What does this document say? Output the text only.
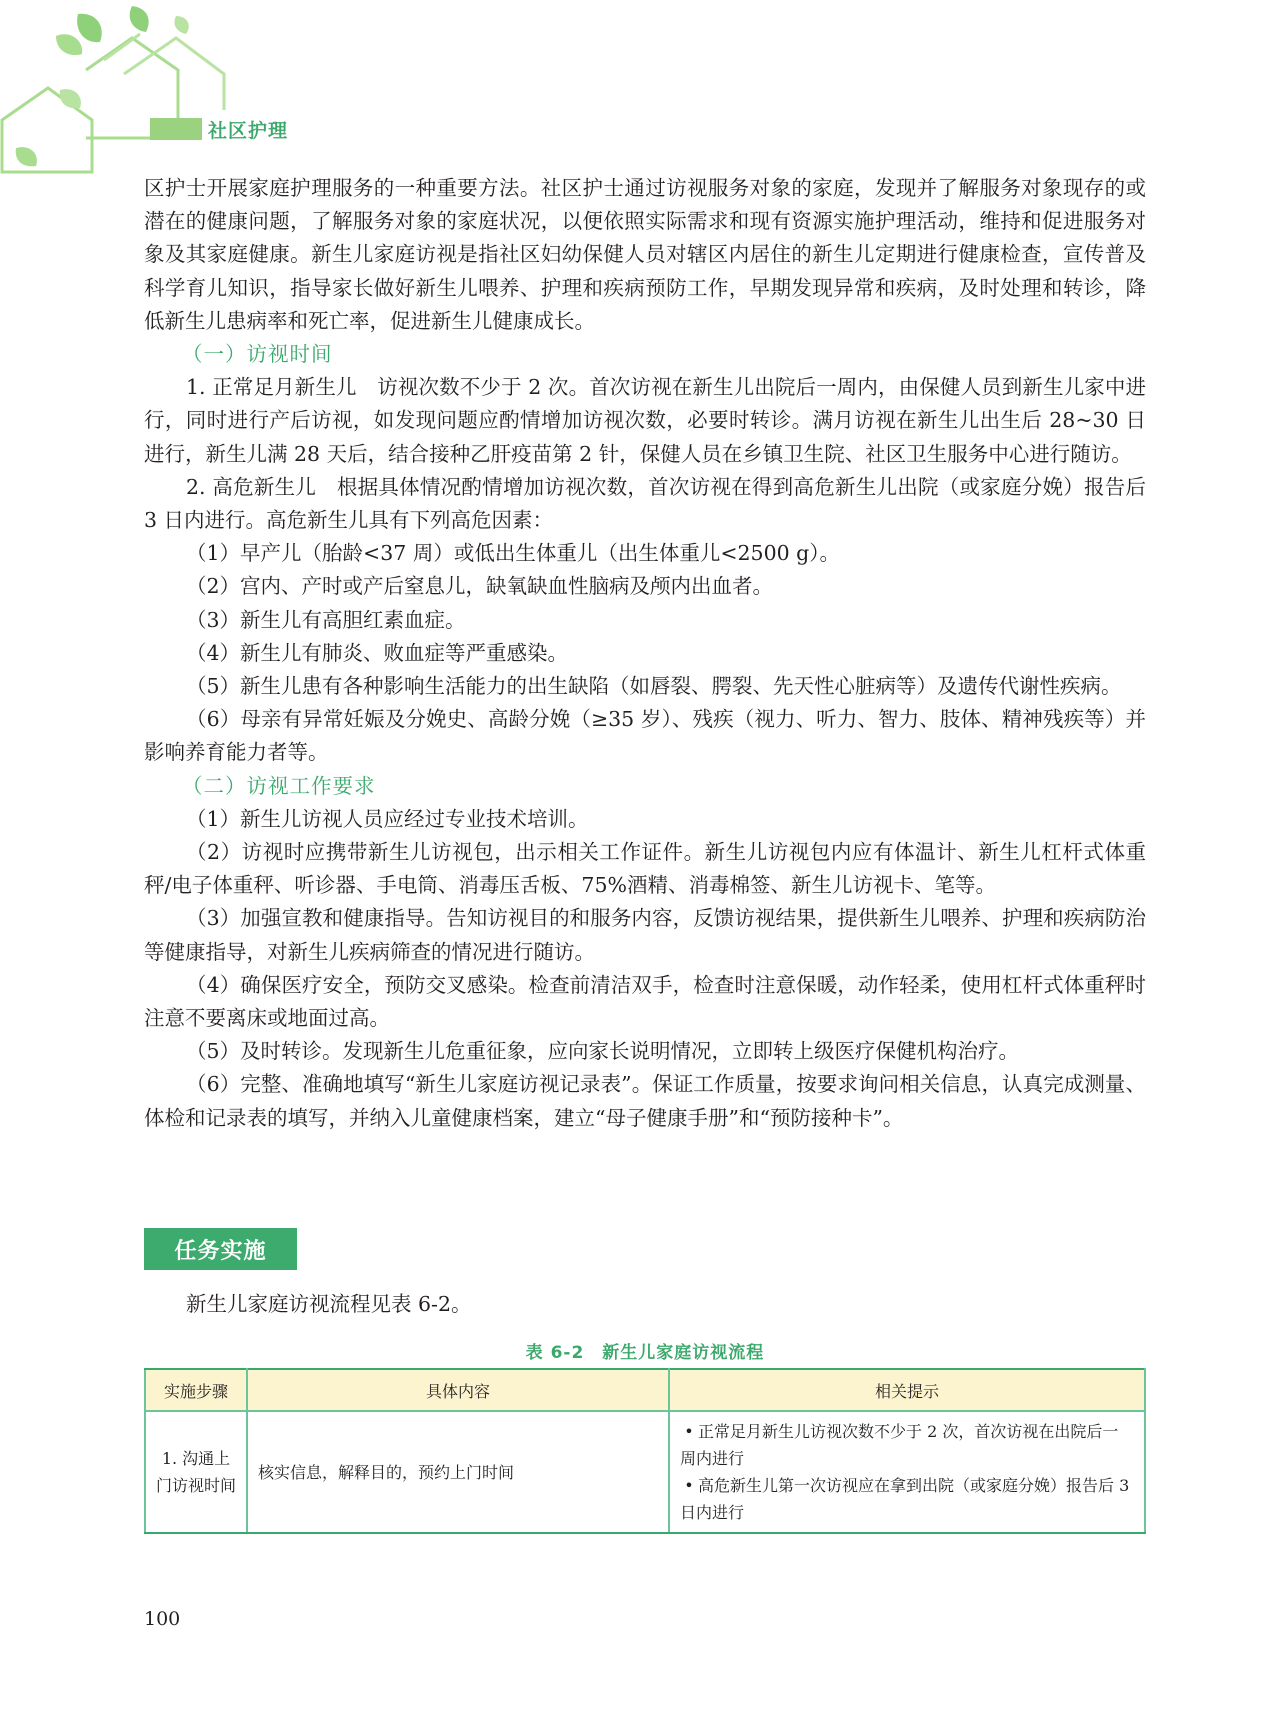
社区护理

区护士开展家庭护理服务的一种重要方法。社区护士通过访视服务对象的家庭，发现并了解服务对象现存的或潜在的健康问题，了解服务对象的家庭状况，以便依照实际需求和现有资源实施护理活动，维持和促进服务对象及其家庭健康。新生儿家庭访视是指社区妇幼保健人员对辖区内居住的新生儿定期进行健康检查，宣传普及科学育儿知识，指导家长做好新生儿喂养、护理和疾病预防工作，早期发现异常和疾病，及时处理和转诊，降低新生儿患病率和死亡率，促进新生儿健康成长。

（一）访视时间

1. 正常足月新生儿　访视次数不少于 2 次。首次访视在新生儿出院后一周内，由保健人员到新生儿家中进行，同时进行产后访视，如发现问题应酌情增加访视次数，必要时转诊。满月访视在新生儿出生后 28~30 日进行，新生儿满 28 天后，结合接种乙肝疫苗第 2 针，保健人员在乡镇卫生院、社区卫生服务中心进行随访。

2. 高危新生儿　根据具体情况酌情增加访视次数，首次访视在得到高危新生儿出院（或家庭分娩）报告后 3 日内进行。高危新生儿具有下列高危因素：

（1）早产儿（胎龄<37 周）或低出生体重儿（出生体重儿<2500 g）。

（2）宫内、产时或产后窒息儿，缺氧缺血性脑病及颅内出血者。

（3）新生儿有高胆红素血症。

（4）新生儿有肺炎、败血症等严重感染。

（5）新生儿患有各种影响生活能力的出生缺陷（如唇裂、腭裂、先天性心脏病等）及遗传代谢性疾病。

（6）母亲有异常妊娠及分娩史、高龄分娩（≥35 岁）、残疾（视力、听力、智力、肢体、精神残疾等）并影响养育能力者等。

（二）访视工作要求

（1）新生儿访视人员应经过专业技术培训。

（2）访视时应携带新生儿访视包，出示相关工作证件。新生儿访视包内应有体温计、新生儿杠杆式体重秤/电子体重秤、听诊器、手电筒、消毒压舌板、75%酒精、消毒棉签、新生儿访视卡、笔等。

（3）加强宣教和健康指导。告知访视目的和服务内容，反馈访视结果，提供新生儿喂养、护理和疾病防治等健康指导，对新生儿疾病筛查的情况进行随访。

（4）确保医疗安全，预防交叉感染。检查前清洁双手，检查时注意保暖，动作轻柔，使用杠杆式体重秤时注意不要离床或地面过高。

（5）及时转诊。发现新生儿危重征象，应向家长说明情况，立即转上级医疗保健机构治疗。

（6）完整、准确地填写“新生儿家庭访视记录表”。保证工作质量，按要求询问相关信息，认真完成测量、体检和记录表的填写，并纳入儿童健康档案，建立“母子健康手册”和“预防接种卡”。

任务实施

新生儿家庭访视流程见表 6-2。

表 6-2　新生儿家庭访视流程
实施步骤	具体内容	相关提示
1. 沟通上门访视时间	核实信息，解释目的，预约上门时间	• 正常足月新生儿访视次数不少于 2 次，首次访视在出院后一周内进行
• 高危新生儿第一次访视应在拿到出院（或家庭分娩）报告后 3 日内进行
100
